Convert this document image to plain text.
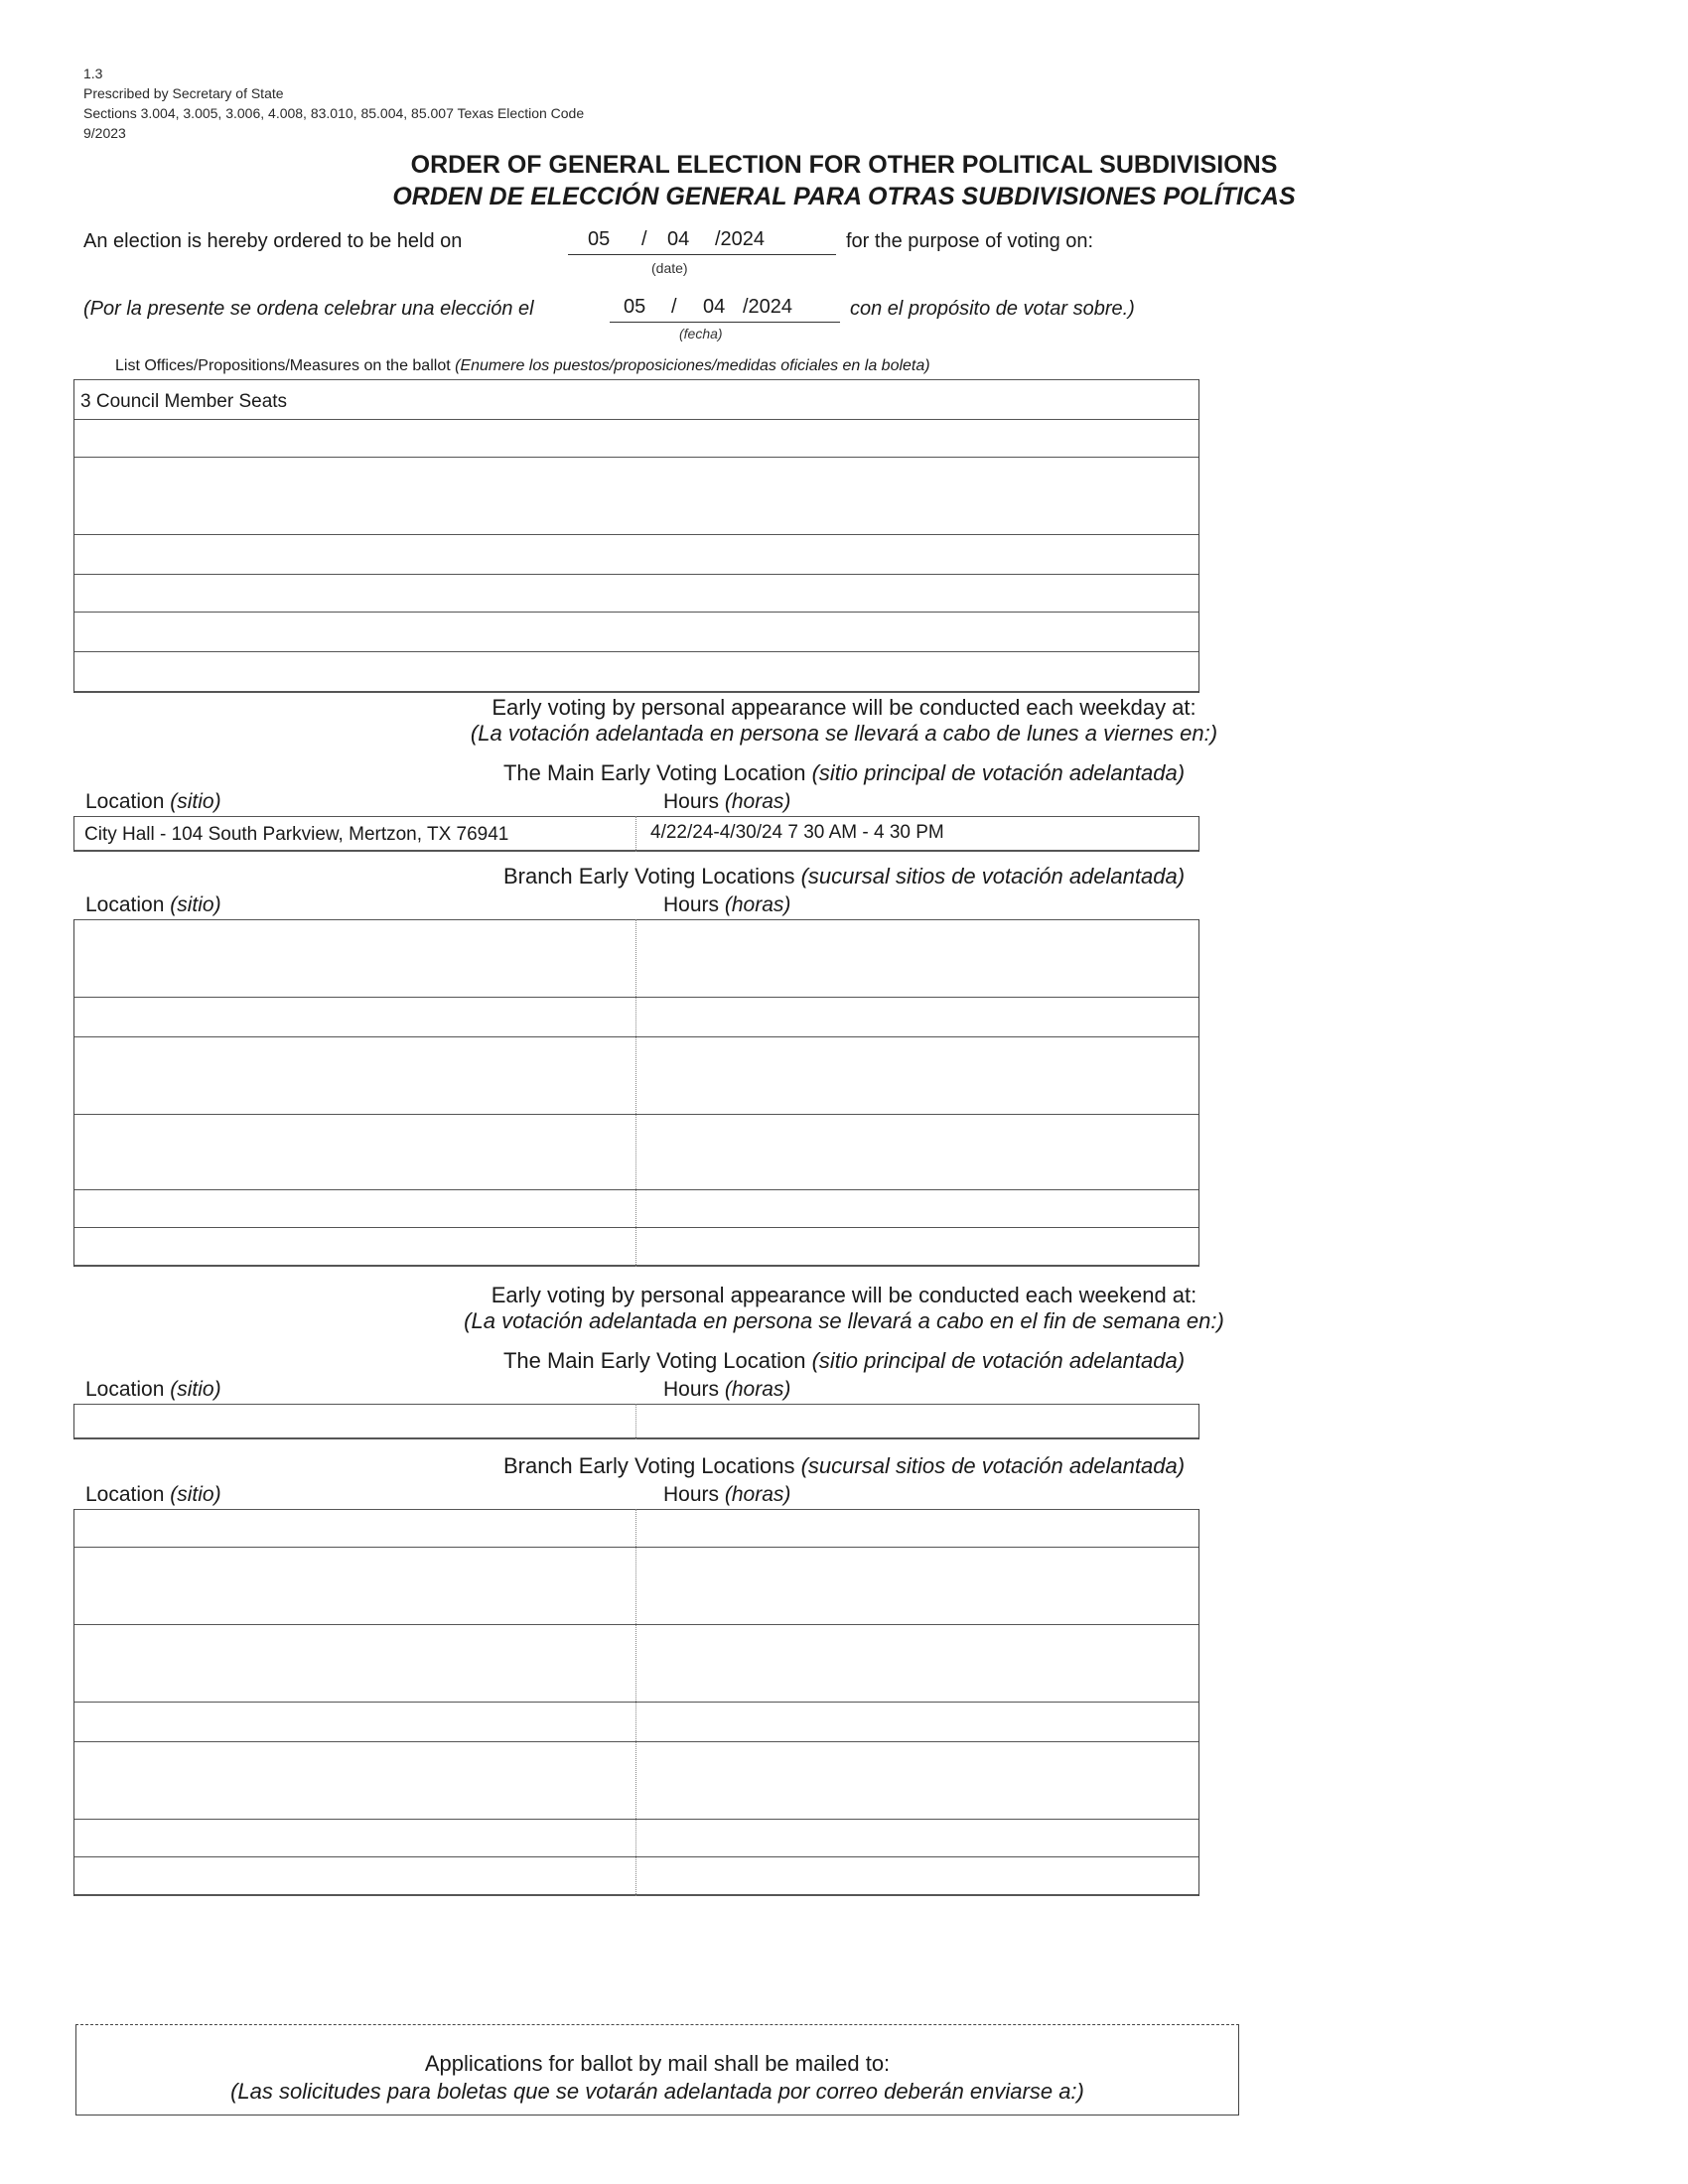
1.3
Prescribed by Secretary of State
Sections 3.004, 3.005, 3.006, 4.008, 83.010, 85.004, 85.007 Texas Election Code
9/2023
ORDER OF GENERAL ELECTION FOR OTHER POLITICAL SUBDIVISIONS
ORDEN DE ELECCIÓN GENERAL PARA OTRAS SUBDIVISIONES POLÍTICAS
An election is hereby ordered to be held on	05 / 04 /2024	for the purpose of voting on:
(date)
(Por la presente se ordena celebrar una elección el	05 / 04 /2024	con el propósito de votar sobre.)
(fecha)
List Offices/Propositions/Measures on the ballot (Enumere los puestos/proposiciones/medidas oficiales en la boleta)
3 Council Member Seats
Early voting by personal appearance will be conducted each weekday at:
(La votación adelantada en persona se llevará a cabo de lunes a viernes en:)
The Main Early Voting Location (sitio principal de votación adelantada)
Location (sitio)	Hours (horas)
City Hall - 104 South Parkview, Mertzon, TX 76941	4/22/24-4/30/24 7 30 AM - 4 30 PM
Branch Early Voting Locations (sucursal sitios de votación adelantada)
Location (sitio)	Hours (horas)
Early voting by personal appearance will be conducted each weekend at:
(La votación adelantada en persona se llevará a cabo en el fin de semana en:)
The Main Early Voting Location (sitio principal de votación adelantada)
Location (sitio)	Hours (horas)
Branch Early Voting Locations (sucursal sitios de votación adelantada)
Location (sitio)	Hours (horas)
Applications for ballot by mail shall be mailed to:
(Las solicitudes para boletas que se votarán adelantada por correo deberán enviarse a:)
